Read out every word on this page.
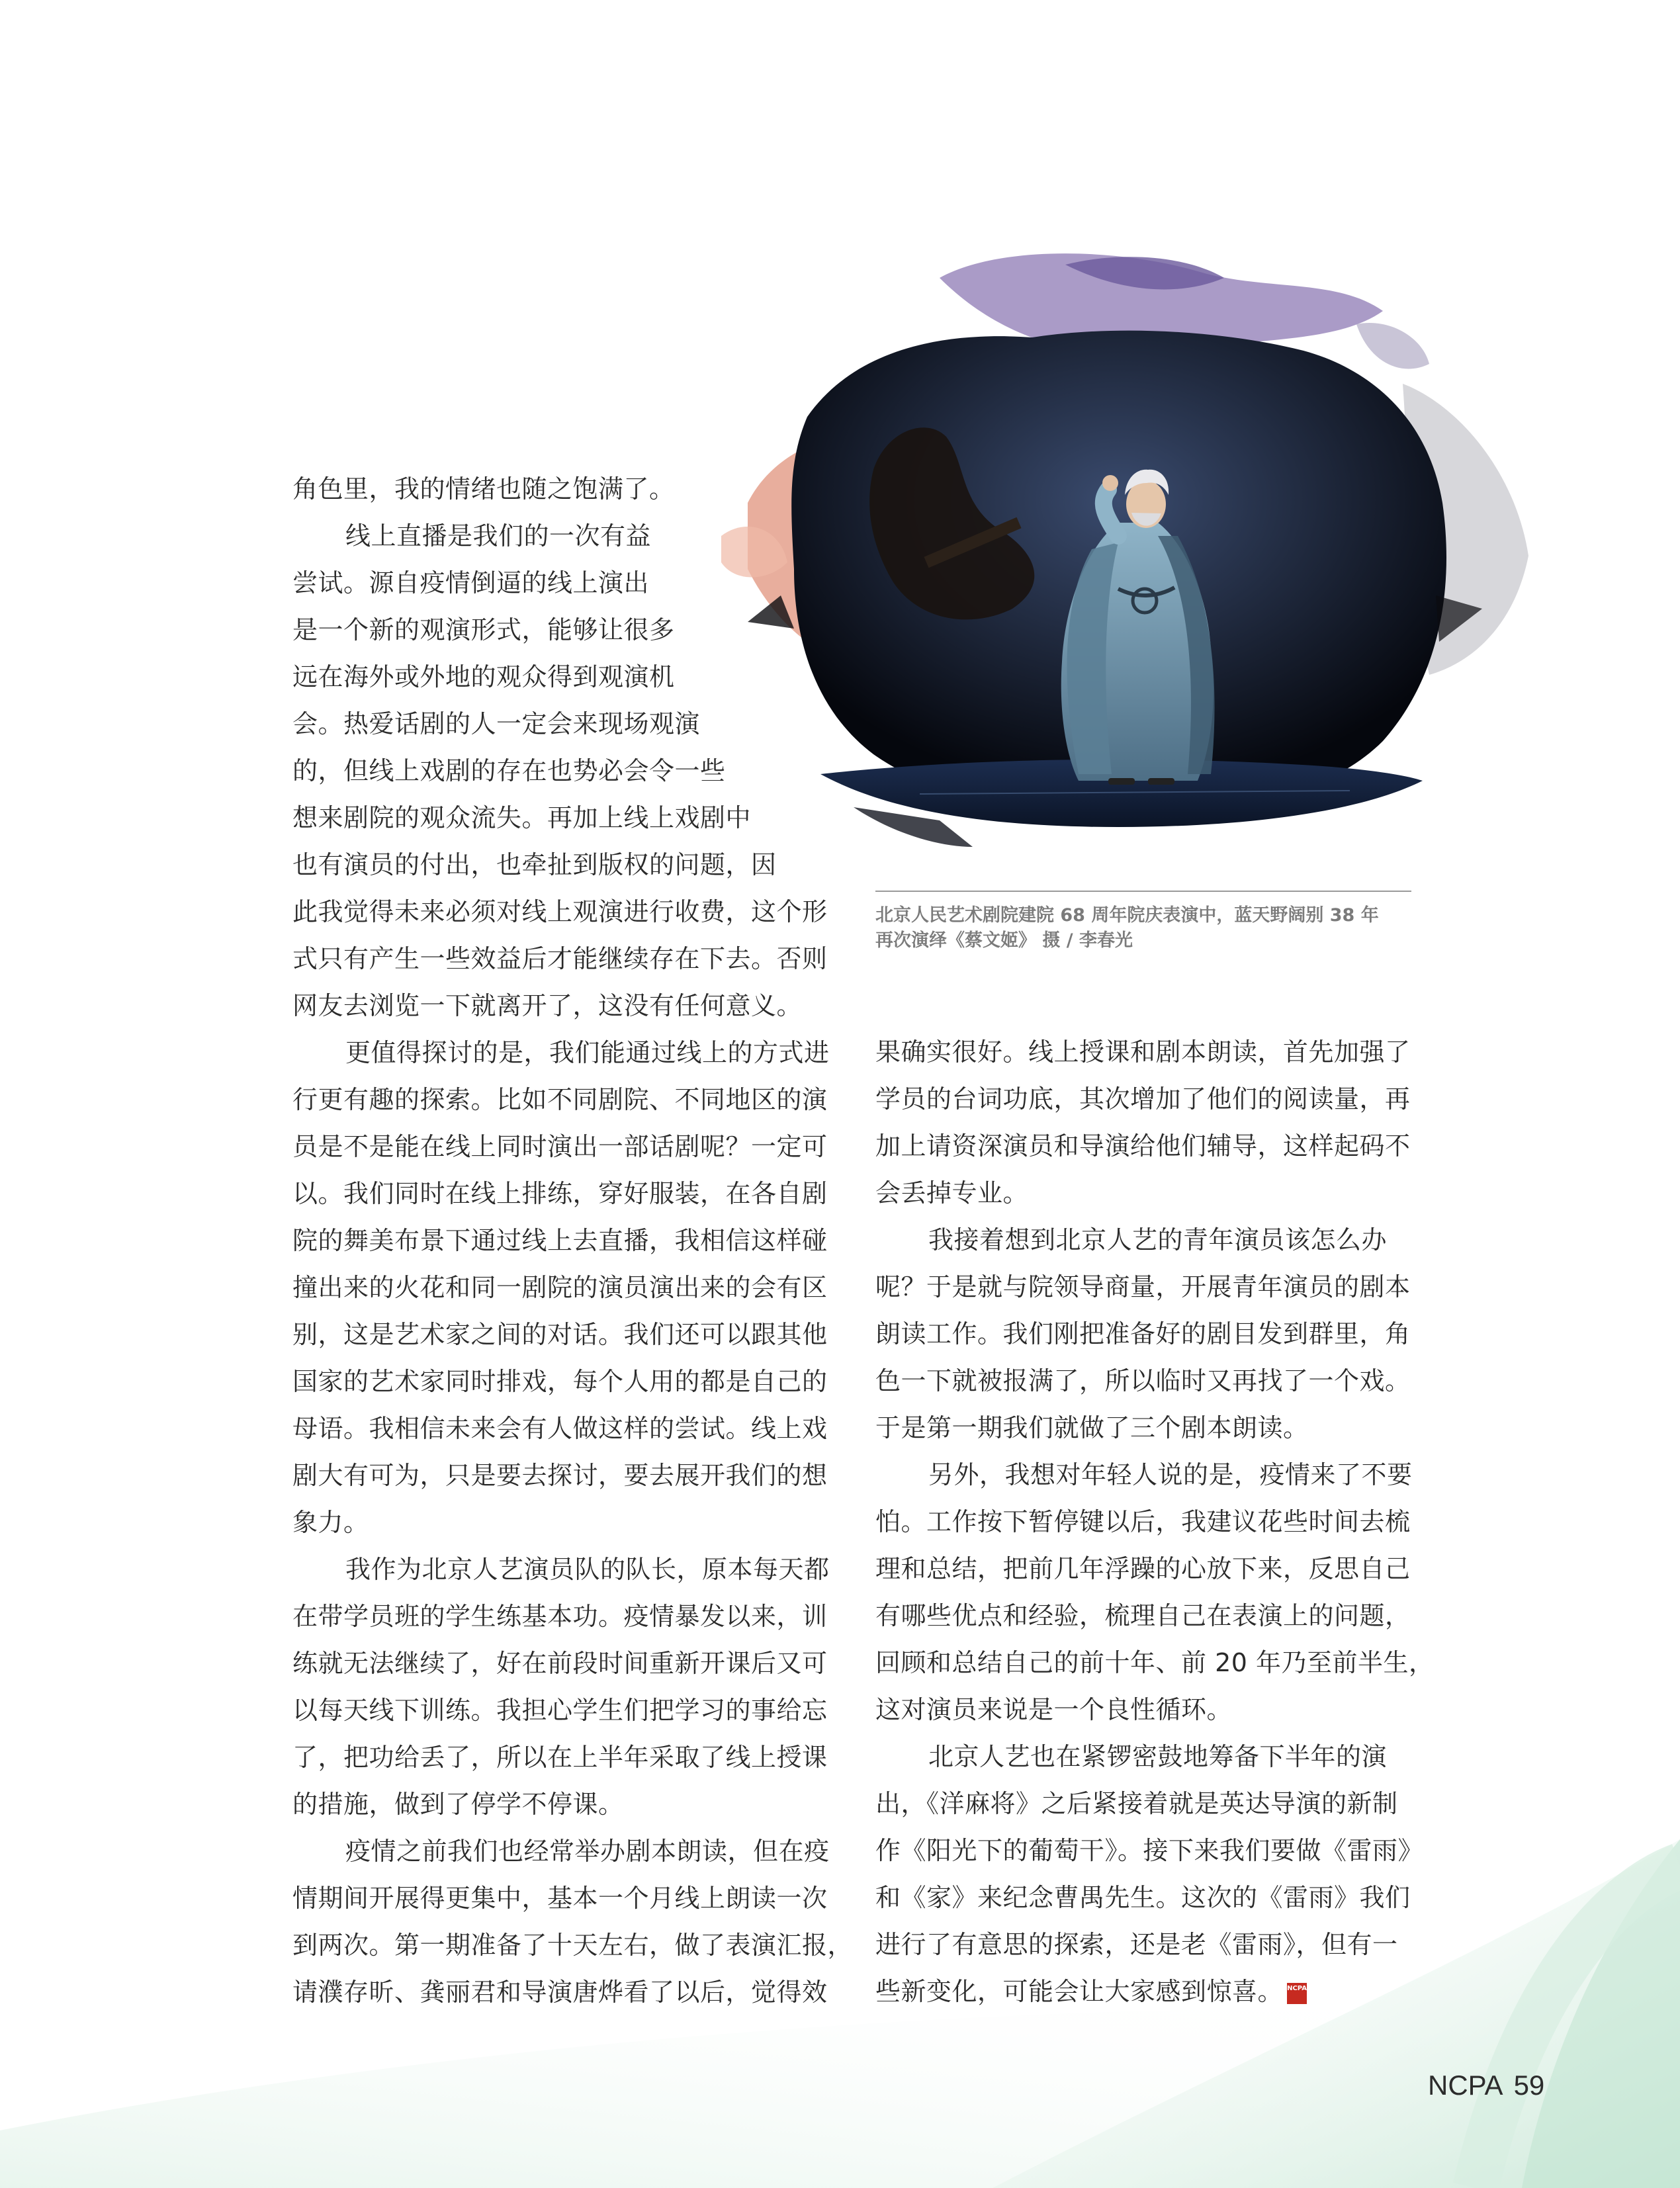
北京人民艺术剧院建院 68 周年院庆表演中，蓝天野阔别 38 年
再次演绎《蔡文姬》 摄 / 李春光
角色里，我的情绪也随之饱满了。
线上直播是我们的一次有益
尝试。源自疫情倒逼的线上演出
是一个新的观演形式，能够让很多
远在海外或外地的观众得到观演机
会。热爱话剧的人一定会来现场观演
的，但线上戏剧的存在也势必会令一些
想来剧院的观众流失。再加上线上戏剧中
也有演员的付出，也牵扯到版权的问题，因
此我觉得未来必须对线上观演进行收费，这个形
式只有产生一些效益后才能继续存在下去。否则
网友去浏览一下就离开了，这没有任何意义。
更值得探讨的是，我们能通过线上的方式进
行更有趣的探索。比如不同剧院、不同地区的演
员是不是能在线上同时演出一部话剧呢？一定可
以。我们同时在线上排练，穿好服装，在各自剧
院的舞美布景下通过线上去直播，我相信这样碰
撞出来的火花和同一剧院的演员演出来的会有区
别，这是艺术家之间的对话。我们还可以跟其他
国家的艺术家同时排戏，每个人用的都是自己的
母语。我相信未来会有人做这样的尝试。线上戏
剧大有可为，只是要去探讨，要去展开我们的想
象力。
我作为北京人艺演员队的队长，原本每天都
在带学员班的学生练基本功。疫情暴发以来，训
练就无法继续了，好在前段时间重新开课后又可
以每天线下训练。我担心学生们把学习的事给忘
了，把功给丢了，所以在上半年采取了线上授课
的措施，做到了停学不停课。
疫情之前我们也经常举办剧本朗读，但在疫
情期间开展得更集中，基本一个月线上朗读一次
到两次。第一期准备了十天左右，做了表演汇报，
请濮存昕、龚丽君和导演唐烨看了以后，觉得效
果确实很好。线上授课和剧本朗读，首先加强了
学员的台词功底，其次增加了他们的阅读量，再
加上请资深演员和导演给他们辅导，这样起码不
会丢掉专业。
我接着想到北京人艺的青年演员该怎么办
呢？于是就与院领导商量，开展青年演员的剧本
朗读工作。我们刚把准备好的剧目发到群里，角
色一下就被报满了，所以临时又再找了一个戏。
于是第一期我们就做了三个剧本朗读。
另外，我想对年轻人说的是，疫情来了不要
怕。工作按下暂停键以后，我建议花些时间去梳
理和总结，把前几年浮躁的心放下来，反思自己
有哪些优点和经验，梳理自己在表演上的问题，
回顾和总结自己的前十年、前 20 年乃至前半生，
这对演员来说是一个良性循环。
北京人艺也在紧锣密鼓地筹备下半年的演
出，《洋麻将》之后紧接着就是英达导演的新制
作《阳光下的葡萄干》。接下来我们要做《雷雨》
和《家》来纪念曹禺先生。这次的《雷雨》我们
进行了有意思的探索，还是老《雷雨》，但有一
些新变化，可能会让大家感到惊喜。 NCPA
NCPA 59
